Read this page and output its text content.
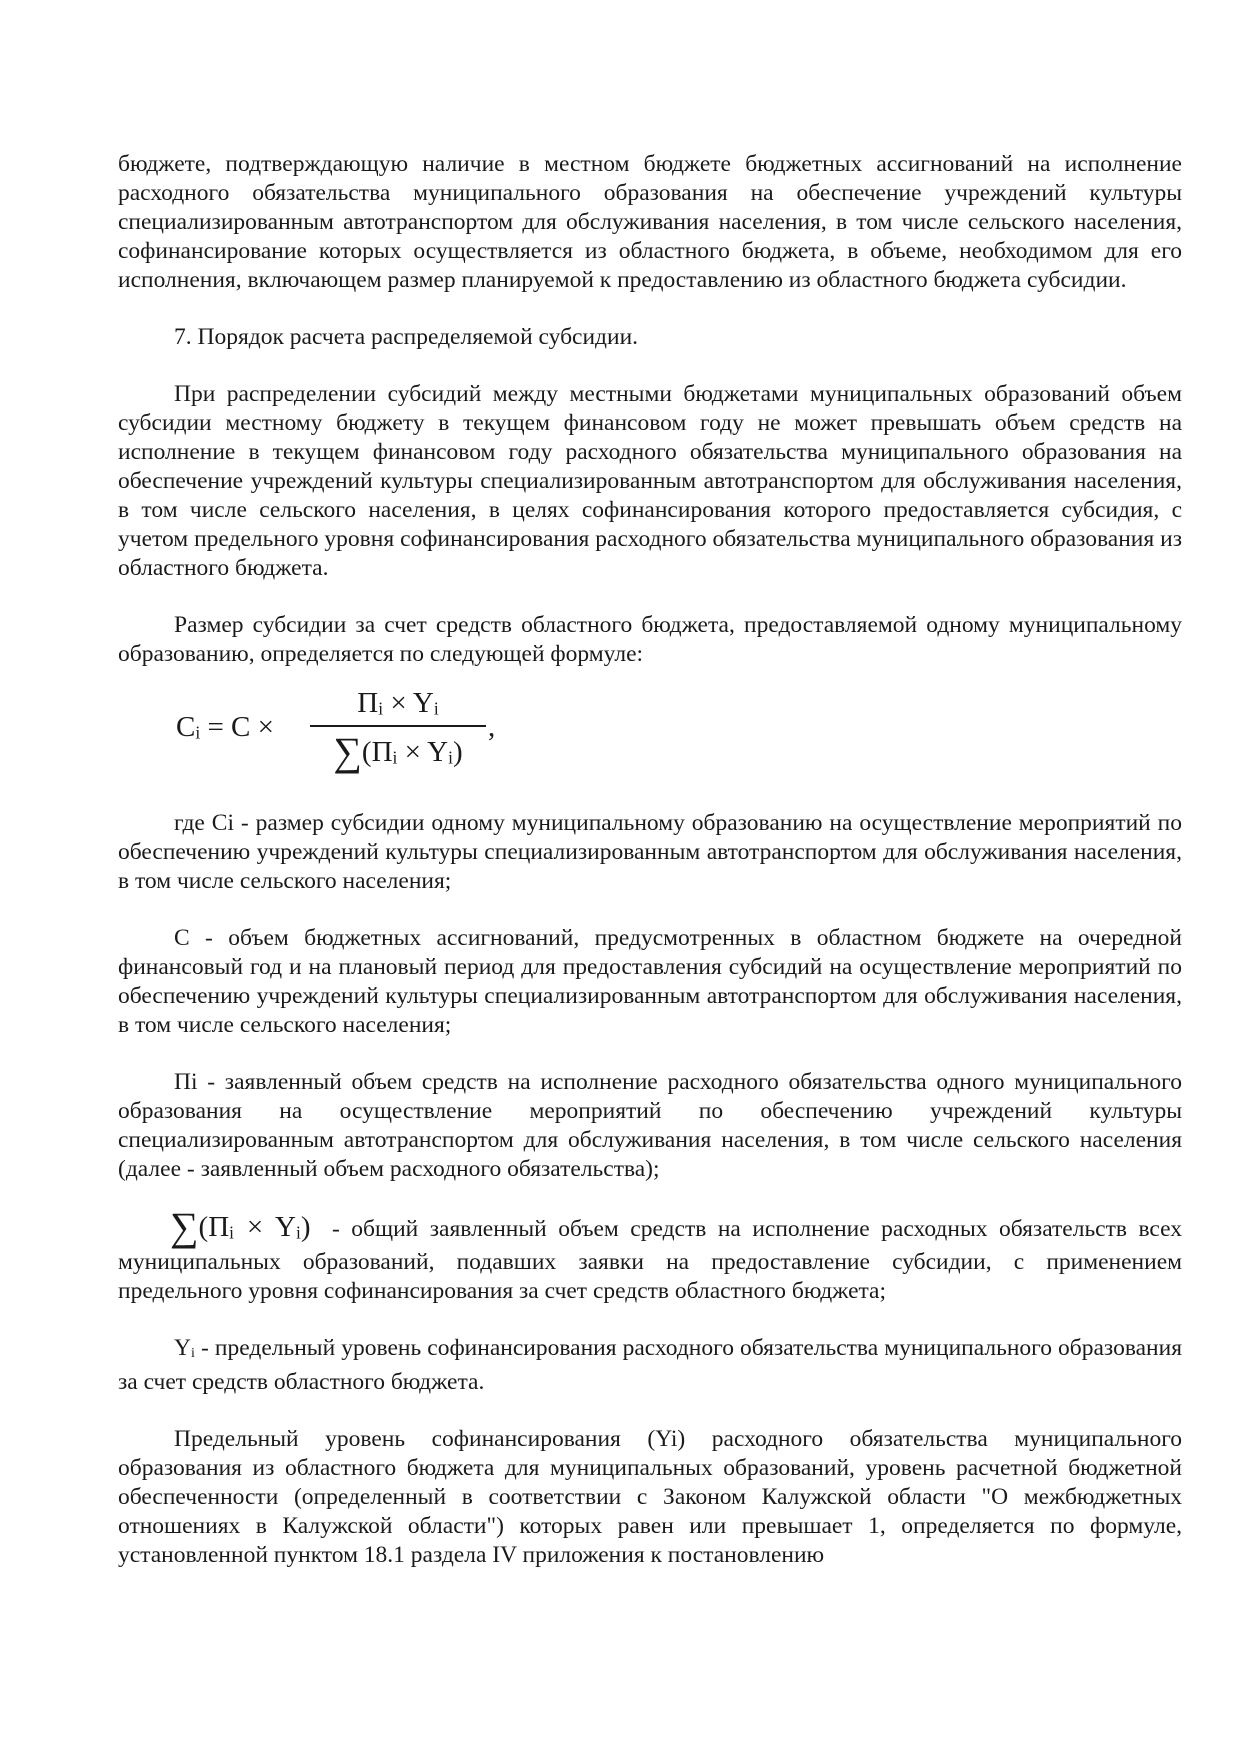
бюджете, подтверждающую наличие в местном бюджете бюджетных ассигнований на исполнение расходного обязательства муниципального образования на обеспечение учреждений культуры специализированным автотранспортом для обслуживания населения, в том числе сельского населения, софинансирование которых осуществляется из областного бюджета, в объеме, необходимом для его исполнения, включающем размер планируемой к предоставлению из областного бюджета субсидии.

7. Порядок расчета распределяемой субсидии.

При распределении субсидий между местными бюджетами муниципальных образований объем субсидии местному бюджету в текущем финансовом году не может превышать объем средств на исполнение в текущем финансовом году расходного обязательства муниципального образования на обеспечение учреждений культуры специализированным автотранспортом для обслуживания населения, в том числе сельского населения, в целях софинансирования которого предоставляется субсидия, с учетом предельного уровня софинансирования расходного обязательства муниципального образования из областного бюджета.

Размер субсидии за счет средств областного бюджета, предоставляемой одному муниципальному образованию, определяется по следующей формуле:

$C_i = C$ ×
$П_i \times Y_i$
$\sum(П_i \times Y_i)$
,

где Ci - размер субсидии одному муниципальному образованию на осуществление мероприятий по обеспечению учреждений культуры специализированным автотранспортом для обслуживания населения, в том числе сельского населения;

С - объем бюджетных ассигнований, предусмотренных в областном бюджете на очередной финансовый год и на плановый период для предоставления субсидий на осуществление мероприятий по обеспечению учреждений культуры специализированным автотранспортом для обслуживания населения, в том числе сельского населения;

Пi - заявленный объем средств на исполнение расходного обязательства одного муниципального образования на осуществление мероприятий по обеспечению учреждений культуры специализированным автотранспортом для обслуживания населения, в том числе сельского населения (далее - заявленный объем расходного обязательства);

$\sum(П_i \times Y_i)$ - общий заявленный объем средств на исполнение расходных обязательств всех муниципальных образований, подавших заявки на предоставление субсидии, с применением предельного уровня софинансирования за счет средств областного бюджета;

$Y_i$ - предельный уровень софинансирования расходного обязательства муниципального образования за счет средств областного бюджета.

Предельный уровень софинансирования (Yi) расходного обязательства муниципального образования из областного бюджета для муниципальных образований, уровень расчетной бюджетной обеспеченности (определенный в соответствии с Законом Калужской области "О межбюджетных отношениях в Калужской области") которых равен или превышает 1, определяется по формуле, установленной пунктом 18.1 раздела IV приложения к постановлению
